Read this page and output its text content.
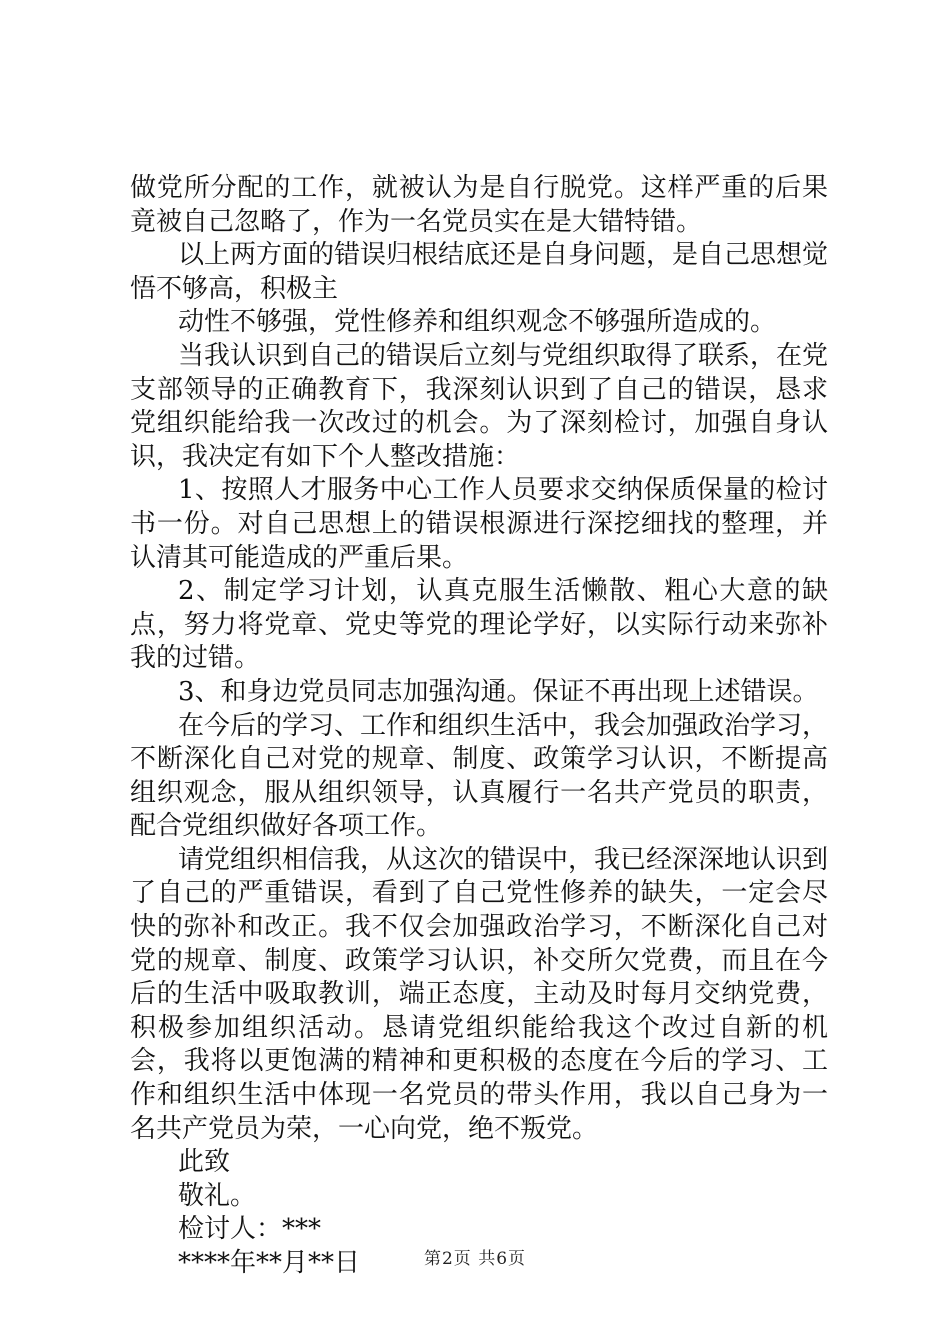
做党所分配的工作，就被认为是自行脱党。这样严重的后果竟被自己忽略了，作为一名党员实在是大错特错。

以上两方面的错误归根结底还是自身问题，是自己思想觉悟不够高，积极主

动性不够强，党性修养和组织观念不够强所造成的。

当我认识到自己的错误后立刻与党组织取得了联系，在党支部领导的正确教育下，我深刻认识到了自己的错误，恳求党组织能给我一次改过的机会。为了深刻检讨，加强自身认识，我决定有如下个人整改措施：

1、按照人才服务中心工作人员要求交纳保质保量的检讨书一份。对自己思想上的错误根源进行深挖细找的整理，并认清其可能造成的严重后果。

2、制定学习计划，认真克服生活懒散、粗心大意的缺点，努力将党章、党史等党的理论学好，以实际行动来弥补我的过错。

3、和身边党员同志加强沟通。保证不再出现上述错误。

在今后的学习、工作和组织生活中，我会加强政治学习，不断深化自己对党的规章、制度、政策学习认识，不断提高组织观念，服从组织领导，认真履行一名共产党员的职责，配合党组织做好各项工作。

请党组织相信我，从这次的错误中，我已经深深地认识到了自己的严重错误，看到了自己党性修养的缺失，一定会尽快的弥补和改正。我不仅会加强政治学习，不断深化自己对党的规章、制度、政策学习认识，补交所欠党费，而且在今后的生活中吸取教训，端正态度，主动及时每月交纳党费，积极参加组织活动。恳请党组织能给我这个改过自新的机会，我将以更饱满的精神和更积极的态度在今后的学习、工作和组织生活中体现一名党员的带头作用，我以自己身为一名共产党员为荣，一心向党，绝不叛党。

此致

敬礼。

检讨人：***

****年**月**日	第2页 共6页
